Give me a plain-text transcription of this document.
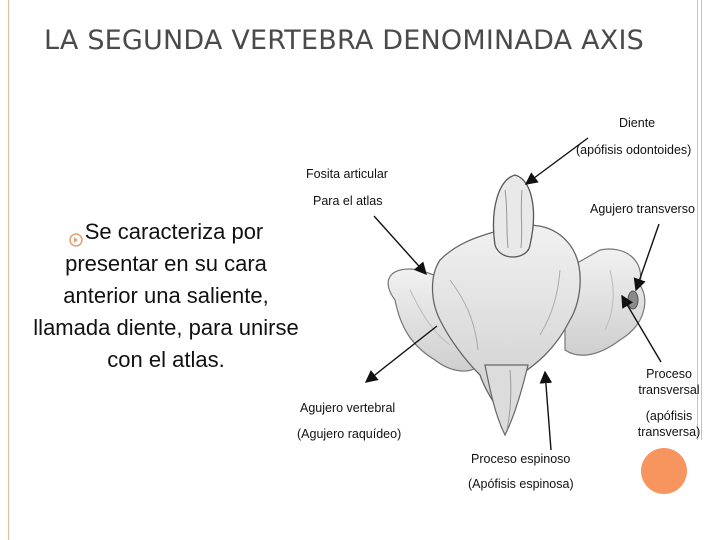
LA SEGUNDA VERTEBRA DENOMINADA AXIS
Se caracteriza por presentar en su cara anterior una saliente, llamada diente, para unirse con el atlas.
Diente
(apófisis odontoides)
Fosita articular
Para el atlas
Agujero transverso
Proceso
transversal
(apófisis
transversa)
Agujero vertebral
(Agujero raquídeo)
Proceso espinoso
(Apófisis espinosa)
